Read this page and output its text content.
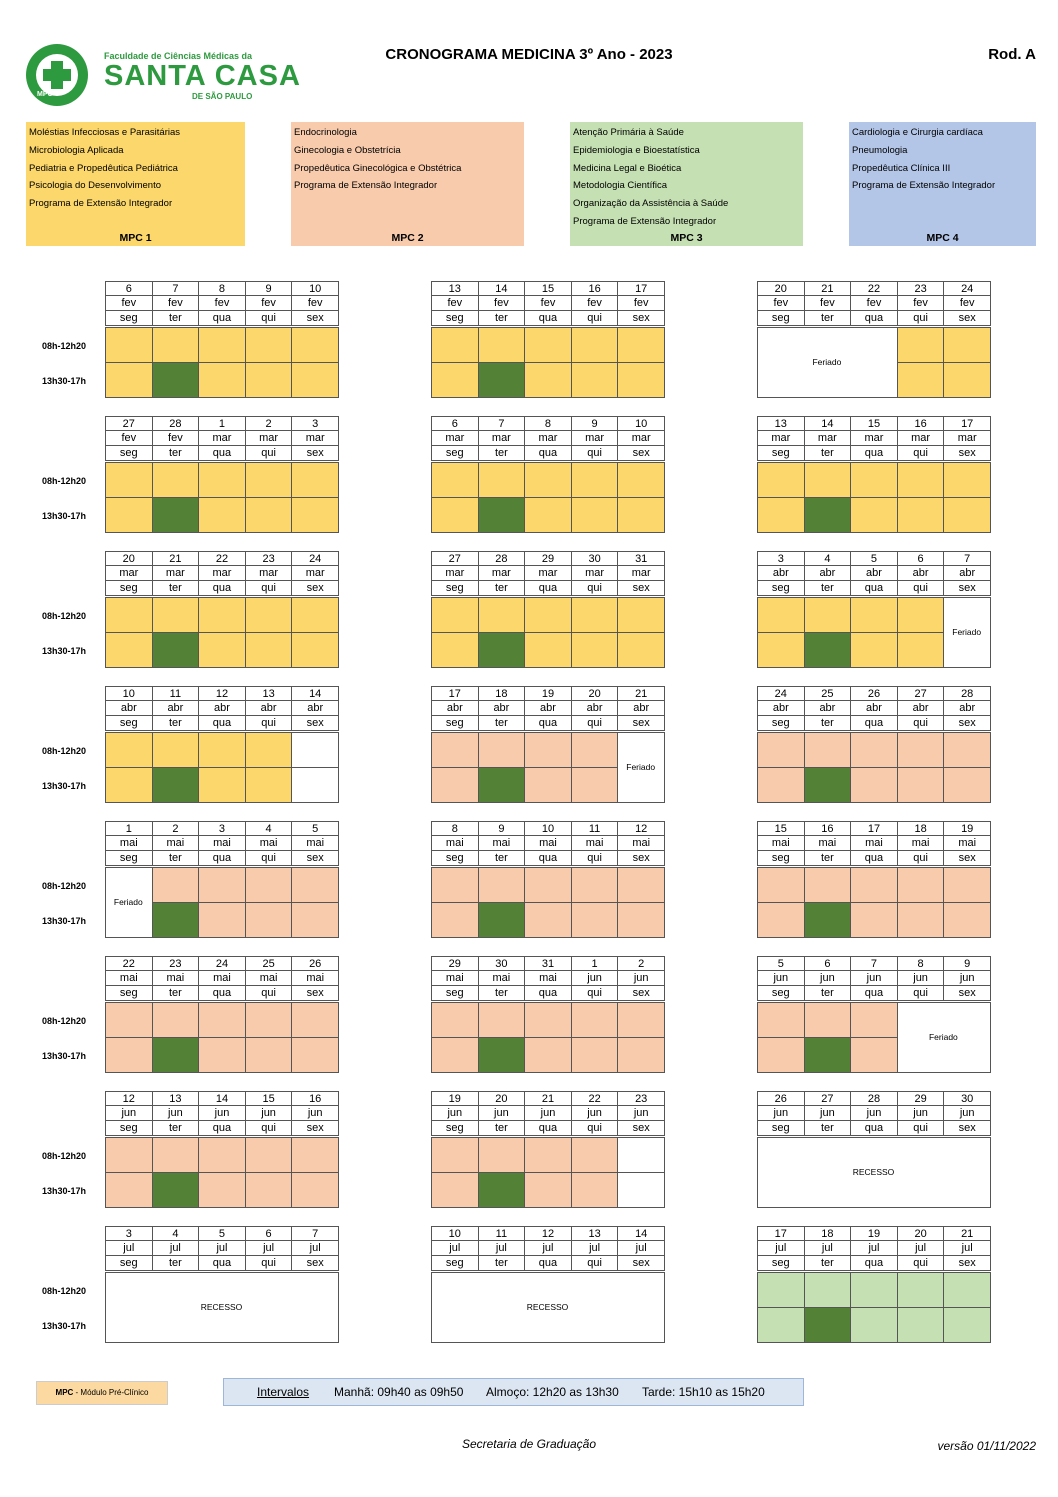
MPC
Faculdade de Ciências Médicas da
SANTA CASA
DE SÃO PAULO
CRONOGRAMA MEDICINA 3º Ano - 2023	Rod. A
Moléstias Infecciosas e Parasitárias
Microbiologia Aplicada
Pediatria e Propedêutica Pediátrica
Psicologia do Desenvolvimento
Programa de Extensão Integrador
MPC 1
Endocrinologia
Ginecologia e Obstetrícia
Propedêutica Ginecológica e Obstétrica
Programa de Extensão Integrador
MPC 2
Atenção Primária à Saúde
Epidemiologia e Bioestatística
Medicina Legal e Bioética
Metodologia Científica
Organização da Assistência à Saúde
Programa de Extensão Integrador
MPC 3
Cardiologia e Cirurgia cardíaca
Pneumologia
Propedêutica Clínica III
Programa de Extensão Integrador
MPC 4
08h-12h20
13h30-17h
6	7	8	9	10
fev	fev	fev	fev	fev
seg	ter	qua	qui	sex
13	14	15	16	17
fev	fev	fev	fev	fev
seg	ter	qua	qui	sex
20	21	22	23	24
fev	fev	fev	fev	fev
seg	ter	qua	qui	sex
Feriado
08h-12h20
13h30-17h
27	28	1	2	3
fev	fev	mar	mar	mar
seg	ter	qua	qui	sex
6	7	8	9	10
mar	mar	mar	mar	mar
seg	ter	qua	qui	sex
13	14	15	16	17
mar	mar	mar	mar	mar
seg	ter	qua	qui	sex
08h-12h20
13h30-17h
20	21	22	23	24
mar	mar	mar	mar	mar
seg	ter	qua	qui	sex
27	28	29	30	31
mar	mar	mar	mar	mar
seg	ter	qua	qui	sex
3	4	5	6	7
abr	abr	abr	abr	abr
seg	ter	qua	qui	sex
Feriado
08h-12h20
13h30-17h
10	11	12	13	14
abr	abr	abr	abr	abr
seg	ter	qua	qui	sex
17	18	19	20	21
abr	abr	abr	abr	abr
seg	ter	qua	qui	sex
Feriado
24	25	26	27	28
abr	abr	abr	abr	abr
seg	ter	qua	qui	sex
08h-12h20
13h30-17h
1	2	3	4	5
mai	mai	mai	mai	mai
seg	ter	qua	qui	sex
Feriado
8	9	10	11	12
mai	mai	mai	mai	mai
seg	ter	qua	qui	sex
15	16	17	18	19
mai	mai	mai	mai	mai
seg	ter	qua	qui	sex
08h-12h20
13h30-17h
22	23	24	25	26
mai	mai	mai	mai	mai
seg	ter	qua	qui	sex
29	30	31	1	2
mai	mai	mai	jun	jun
seg	ter	qua	qui	sex
5	6	7	8	9
jun	jun	jun	jun	jun
seg	ter	qua	qui	sex
Feriado
08h-12h20
13h30-17h
12	13	14	15	16
jun	jun	jun	jun	jun
seg	ter	qua	qui	sex
19	20	21	22	23
jun	jun	jun	jun	jun
seg	ter	qua	qui	sex
26	27	28	29	30
jun	jun	jun	jun	jun
seg	ter	qua	qui	sex
RECESSO
08h-12h20
13h30-17h
3	4	5	6	7
jul	jul	jul	jul	jul
seg	ter	qua	qui	sex
RECESSO
10	11	12	13	14
jul	jul	jul	jul	jul
seg	ter	qua	qui	sex
RECESSO
17	18	19	20	21
jul	jul	jul	jul	jul
seg	ter	qua	qui	sex
MPC - Módulo Pré-Clínico	Intervalos Manhã: 09h40 as 09h50 Almoço: 12h20 as 13h30 Tarde: 15h10 as 15h20
Secretaria de Graduação	versão 01/11/2022
